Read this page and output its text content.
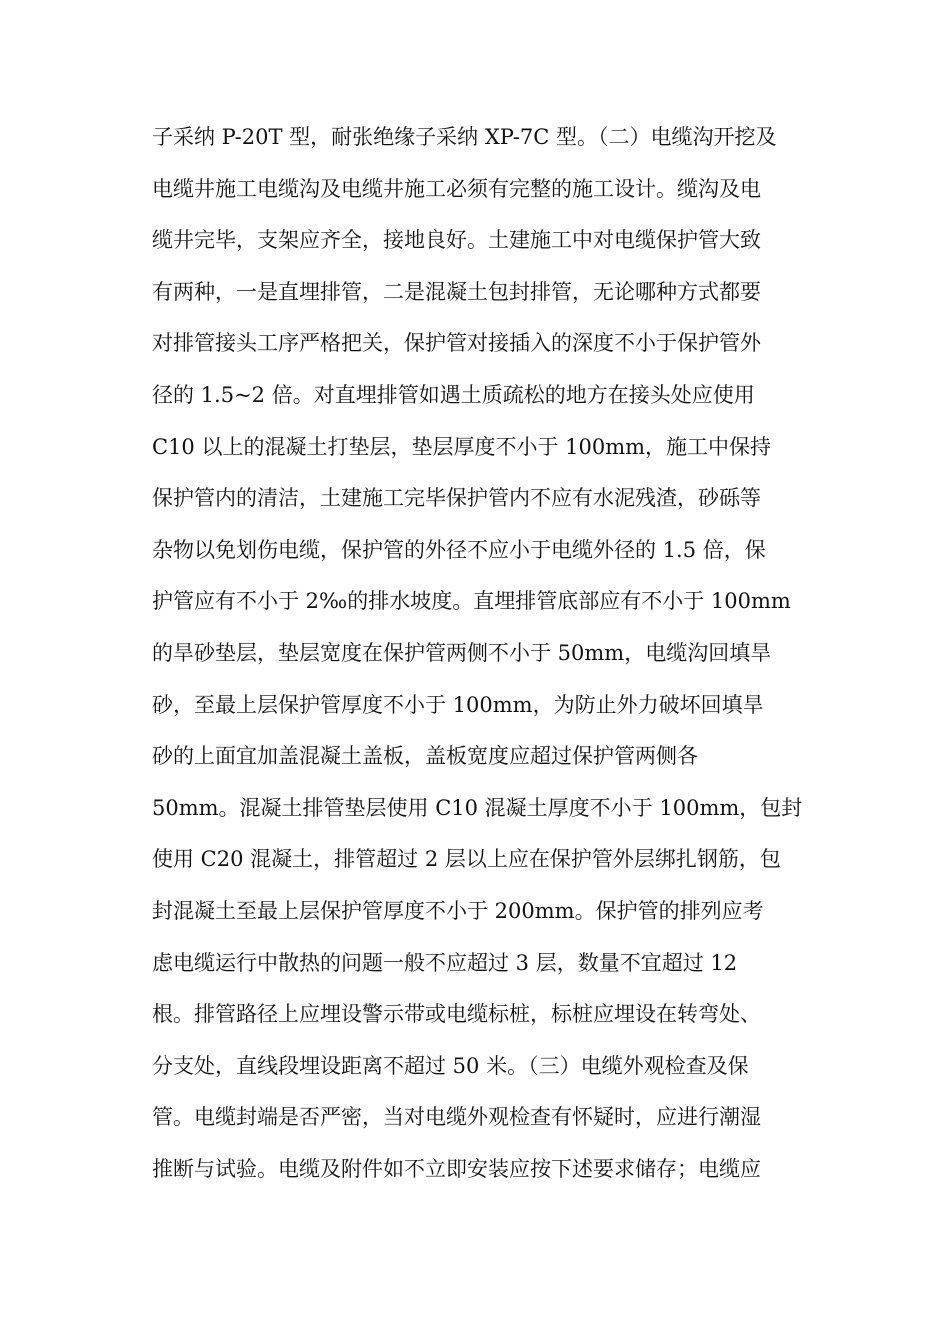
子采纳 P-20T 型，耐张绝缘子采纳 XP-7C 型。（二）电缆沟开挖及
电缆井施工电缆沟及电缆井施工必须有完整的施工设计。缆沟及电
缆井完毕，支架应齐全，接地良好。土建施工中对电缆保护管大致
有两种，一是直埋排管，二是混凝土包封排管，无论哪种方式都要
对排管接头工序严格把关，保护管对接插入的深度不小于保护管外
径的 1.5~2 倍。对直埋排管如遇土质疏松的地方在接头处应使用
C10 以上的混凝土打垫层，垫层厚度不小于 100mm，施工中保持
保护管内的清洁，土建施工完毕保护管内不应有水泥残渣，砂砾等
杂物以免划伤电缆，保护管的外径不应小于电缆外径的 1.5 倍，保
护管应有不小于 2‰的排水坡度。直埋排管底部应有不小于 100mm
的旱砂垫层，垫层宽度在保护管两侧不小于 50mm，电缆沟回填旱
砂，至最上层保护管厚度不小于 100mm，为防止外力破坏回填旱
砂的上面宜加盖混凝土盖板，盖板宽度应超过保护管两侧各
50mm。混凝土排管垫层使用 C10 混凝土厚度不小于 100mm，包封
使用 C20 混凝土，排管超过 2 层以上应在保护管外层绑扎钢筋，包
封混凝土至最上层保护管厚度不小于 200mm。保护管的排列应考
虑电缆运行中散热的问题一般不应超过 3 层，数量不宜超过 12
根。排管路径上应埋设警示带或电缆标桩，标桩应埋设在转弯处、
分支处，直线段埋设距离不超过 50 米。（三）电缆外观检查及保
管。电缆封端是否严密，当对电缆外观检查有怀疑时，应进行潮湿
推断与试验。电缆及附件如不立即安装应按下述要求储存；电缆应
